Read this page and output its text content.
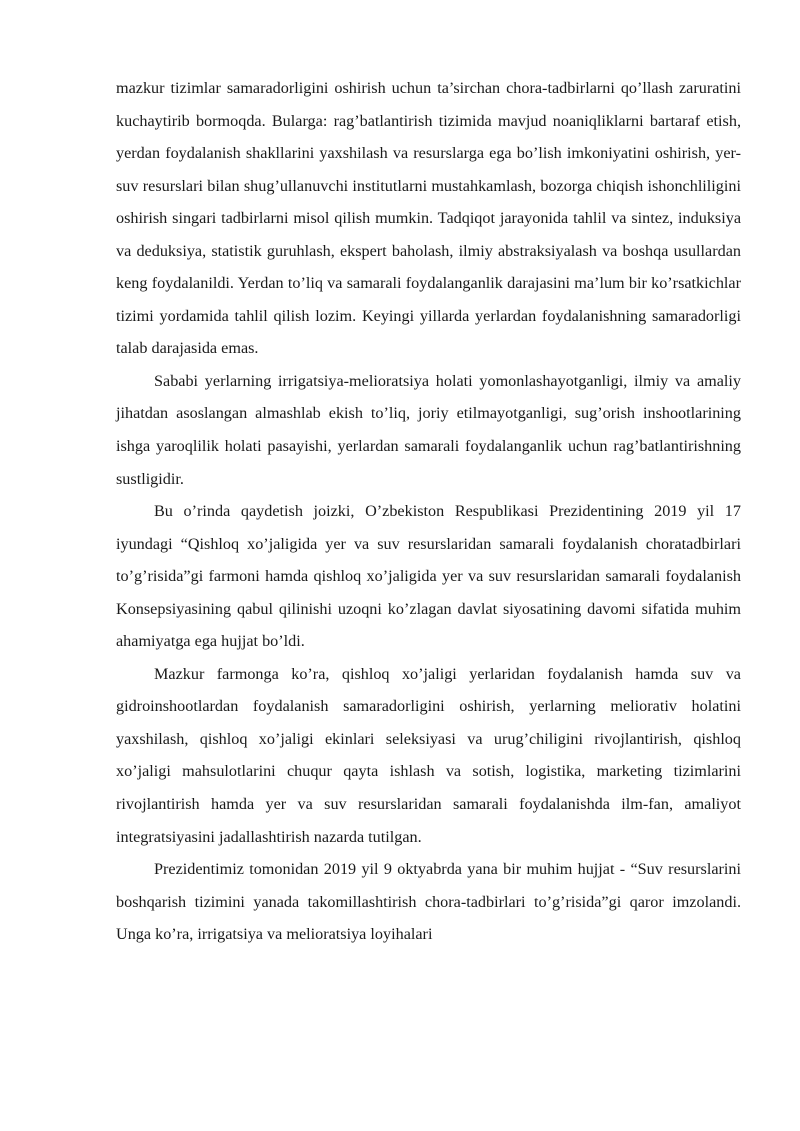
mazkur tizimlar samaradorligini oshirish uchun ta’sirchan chora-tadbirlarni qo’llash zaruratini kuchaytirib bormoqda. Bularga: rag’batlantirish tizimida mavjud noaniqliklarni bartaraf etish, yerdan foydalanish shakllarini yaxshilash va resurslarga ega bo’lish imkoniyatini oshirish, yer-suv resurslari bilan shug’ullanuvchi institutlarni mustahkamlash, bozorga chiqish ishonchliligini oshirish singari tadbirlarni misol qilish mumkin. Tadqiqot jarayonida tahlil va sintez, induksiya va deduksiya, statistik guruhlash, ekspert baholash, ilmiy abstraksiyalash va boshqa usullardan keng foydalanildi. Yerdan to’liq va samarali foydalanganlik darajasini ma’lum bir ko’rsatkichlar tizimi yordamida tahlil qilish lozim. Keyingi yillarda yerlardan foydalanishning samaradorligi talab darajasida emas.

Sababi yerlarning irrigatsiya-melioratsiya holati yomonlashayotganligi, ilmiy va amaliy jihatdan asoslangan almashlab ekish to’liq, joriy etilmayotganligi, sug’orish inshootlarining ishga yaroqlilik holati pasayishi, yerlardan samarali foydalanganlik uchun rag’batlantirishning sustligidir.

Bu o’rinda qaydetish joizki, O’zbekiston Respublikasi Prezidentining 2019 yil 17 iyundagi “Qishloq xo’jaligida yer va suv resurslaridan samarali foydalanish choratadbirlari to’g’risida”gi farmoni hamda qishloq xo’jaligida yer va suv resurslaridan samarali foydalanish Konsepsiyasining qabul qilinishi uzoqni ko’zlagan davlat siyosatining davomi sifatida muhim ahamiyatga ega hujjat bo’ldi.

Mazkur farmonga ko’ra, qishloq xo’jaligi yerlaridan foydalanish hamda suv va gidroinshootlardan foydalanish samaradorligini oshirish, yerlarning meliorativ holatini yaxshilash, qishloq xo’jaligi ekinlari seleksiyasi va urug’chiligini rivojlantirish, qishloq xo’jaligi mahsulotlarini chuqur qayta ishlash va sotish, logistika, marketing tizimlarini rivojlantirish hamda yer va suv resurslaridan samarali foydalanishda ilm-fan, amaliyot integratsiyasini jadallashtirish nazarda tutilgan.

Prezidentimiz tomonidan 2019 yil 9 oktyabrda yana bir muhim hujjat - “Suv resurslarini boshqarish tizimini yanada takomillashtirish chora-tadbirlari to’g’risida”gi qaror imzolandi. Unga ko’ra, irrigatsiya va melioratsiya loyihalari
